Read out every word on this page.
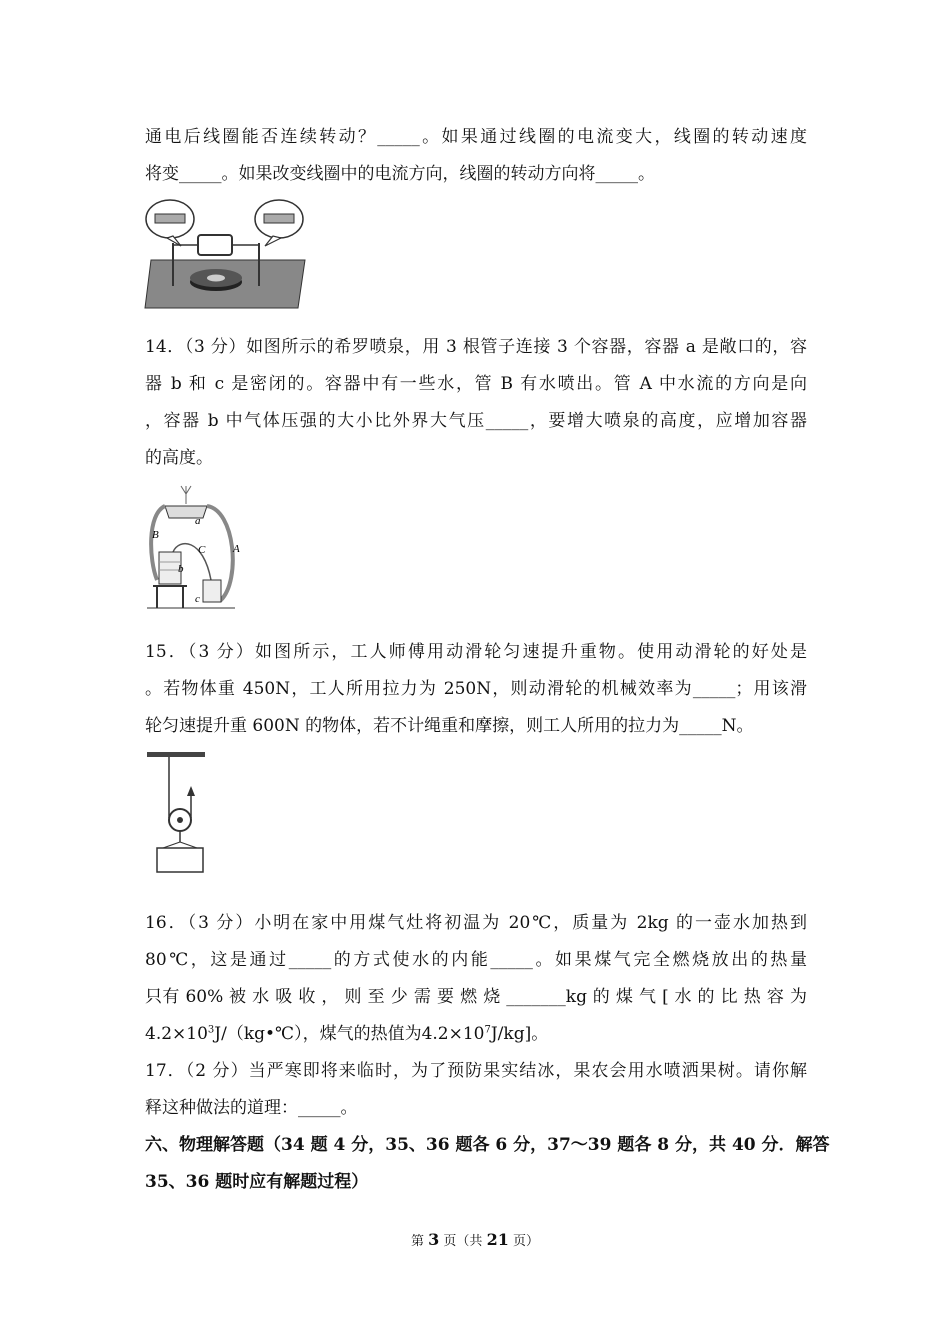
通电后线圈能否连续转动？_____。如果通过线圈的电流变大，线圈的转动速度
将变_____。如果改变线圈中的电流方向，线圈的转动方向将_____。
14．（3 分）如图所示的希罗喷泉，用 3 根管子连接 3 个容器，容器 a 是敞口的，容
器 b 和 c 是密闭的。容器中有一些水，管 B 有水喷出。管 A 中水流的方向是向
，容器 b 中气体压强的大小比外界大气压_____，要增大喷泉的高度，应增加容器
的高度。
a
B
C	A
b
c
15．（3 分）如图所示，工人师傅用动滑轮匀速提升重物。使用动滑轮的好处是
。若物体重 450N，工人所用拉力为 250N，则动滑轮的机械效率为_____；用该滑
轮匀速提升重 600N 的物体，若不计绳重和摩擦，则工人所用的拉力为_____N。
16．（3 分）小明在家中用煤气灶将初温为 20℃，质量为 2kg 的一壶水加热到
80℃，这是通过_____的方式使水的内能_____。如果煤气完全燃烧放出的热量
只有 60% 被 水 吸 收 ， 则 至 少 需 要 燃 烧 _______kg 的 煤 气 [ 水 的 比 热 容 为
$4.2\times 10^3J/(kg•℃)$，煤气的热值为$4.2\times 10^7J/kg$]。
17．（2 分）当严寒即将来临时，为了预防果实结冰，果农会用水喷洒果树。请你解
释这种做法的道理：_____。
六、物理解答题（34 题 4 分，35、36 题各 6 分，37～39 题各 8 分，共 40 分．解答
35、36 题时应有解题过程）
第 3 页（共 21 页）
